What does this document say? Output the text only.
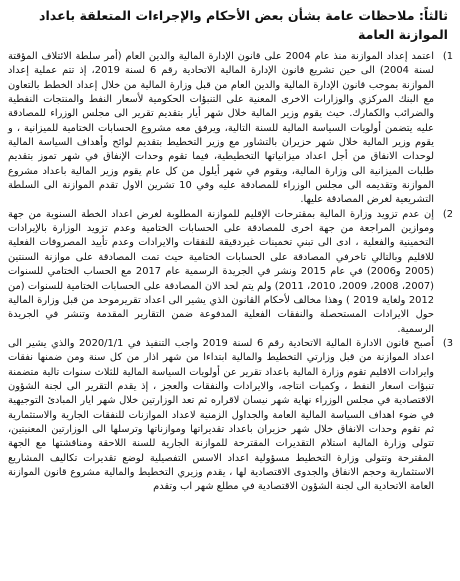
ثالثاً: ملاحظات عامة بشأن بعض الأحكام والإجراءات المتعلقة باعداد الموازنة العامة
1)
اعتمد إعداد الموازنة منذ عام 2004 على قانون الإدارة المالية والدين العام (أمر سلطة الائتلاف المؤقتة لسنة 2004) الى حين تشريع قانون الإدارة المالية الاتحادية رقم 6 لسنة 2019، إذ تتم عملية إعداد الموازنة بموجب قانون الإدارة المالية والدين العام من قبل وزارة المالية من خلال إعداد الخطط بالتعاون مع البنك المركزي والوزارات الاخرى المعنية على التنبؤات الحكومية لأسعار النفط والمنتجات النفطية والضرائب والكمارك. حيث يقوم وزير المالية خلال شهر أيار بتقديم تقرير الى مجلس الوزراء للمصادقة عليه يتضمن أولويات السياسة المالية للسنة التالية، ويرفق معه مشروع الحسابات الختامية للميزانية ، و يقوم وزير المالية خلال شهر حزيران بالتشاور مع وزير التخطيط بتقديم لوائح وأهداف السياسة المالية لوحدات الانفاق من أجل اعداد ميزانياتها التخطيطية، فيما تقوم وحدات الإنفاق في شهر تموز بتقديم طلبات الميزانية الى وزارة المالية، ويقوم في شهر أيلول من كل عام يقوم وزير المالية باعداد مشروع الموازنة وتقديمه الى مجلس الوزراء للمصادقة عليه وفي 10 تشرين الاول تقدم الموازنة الى السلطة التشريعية لغرض المصادقة عليها.
2)
إن عدم تزويد وزارة المالية بمقترحات الإقليم للموازنة المطلوبة لغرض اعداد الخطة السنوية من جهة وموازين المراجعة من جهة اخرى للمصادقة على الحسابات الختامية وعدم تزويد الوزارة بالإيرادات التخمينية والفعلية ، ادى الى تبني تخمينات غيردقيقة للنفقات والايرادات وعدم تأييد المصروفات الفعلية للاقليم وبالتالي تاخرفي المصادقة على الحسابات الختامية حيث تمت المصادقة على موازنة السنتين (2005 و2006) في عام 2015 ونشر في الجريدة الرسمية عام 2017 مع الحساب الختامي للسنوات (2007، 2008، 2009، 2010، 2011) ولم يتم لحد الان المصادقة على الحسابات الختامية للسنوات (من 2012 ولغاية 2019 ) وهذا مخالف لأحكام القانون الذي يشير الى اعداد تقريرموحد من قبل وزارة المالية حول الايرادات المستحصلة والنفقات الفعلية المدفوعة ضمن التقارير المقدمة وتنشر في الجريدة الرسمية.
3)
أصبح قانون الادارة المالية الاتحادية رقم 6 لسنة 2019 واجب التنفيذ في 2020/1/1 والذي يشير الى اعداد الموازنة من قبل وزارتي التخطيط والمالية ابتداءا من شهر اذار من كل سنة ومن ضمنها نفقات وايرادات الاقليم تقوم وزارة المالية باعداد تقرير عن أولويات السياسة المالية للثلاث سنوات تالية متضمنة تنبؤات اسعار النفط ، وكميات انتاجه، والايرادات والنفقات والعجز ، إذ يقدم التقرير الى لجنة الشؤون الاقتصادية في مجلس الوزراء نهاية شهر نيسان لاقراره ثم تعد الوزارتين خلال شهر ايار المبادئ التوجيهية في ضوء اهداف السياسة المالية العامة والجداول الزمنية لاعداد الموازنات للنفقات الجارية والاستثمارية ثم تقوم وحدات الانفاق خلال شهر حزيران باعداد تقديراتها وموازناتها وترسلها الى الوزارتين المعنيتين، تتولى وزارة المالية استلام التقديرات المقترحة للموازنة الجارية للسنة اللاحقة ومناقشتها مع الجهة المقترحة وتتولى وزارة التخطيط مسؤولية اعداد الاسس التفصيلية لوضع تقديرات تكاليف المشاريع الاستثمارية وحجم الانفاق والجدوى الاقتصادية لها ، يقدم وزيري التخطيط والمالية مشروع قانون الموازنة العامة الاتحادية الى لجنة الشؤون الاقتصادية في مطلع شهر اب وتقدم
